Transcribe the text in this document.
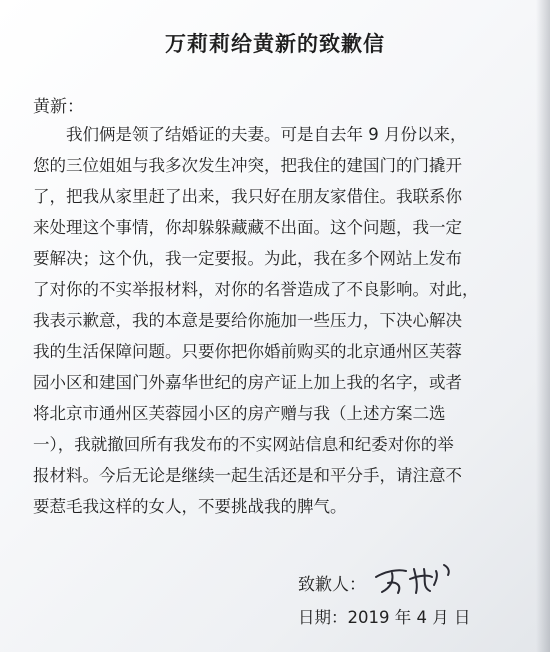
万莉莉给黄新的致歉信
黄新：
　　我们俩是领了结婚证的夫妻。可是自去年 9 月份以来，
您的三位姐姐与我多次发生冲突，把我住的建国门的门撬开
了，把我从家里赶了出来，我只好在朋友家借住。我联系你
来处理这个事情，你却躲躲藏藏不出面。这个问题，我一定
要解决；这个仇，我一定要报。为此，我在多个网站上发布
了对你的不实举报材料，对你的名誉造成了不良影响。对此，
我表示歉意，我的本意是要给你施加一些压力，下决心解决
我的生活保障问题。只要你把你婚前购买的北京通州区芙蓉
园小区和建国门外嘉华世纪的房产证上加上我的名字，或者
将北京市通州区芙蓉园小区的房产赠与我（上述方案二选
一），我就撤回所有我发布的不实网站信息和纪委对你的举
报材料。今后无论是继续一起生活还是和平分手，请注意不
要惹毛我这样的女人，不要挑战我的脾气。
致歉人：
日期：2019 年 4 月 日
